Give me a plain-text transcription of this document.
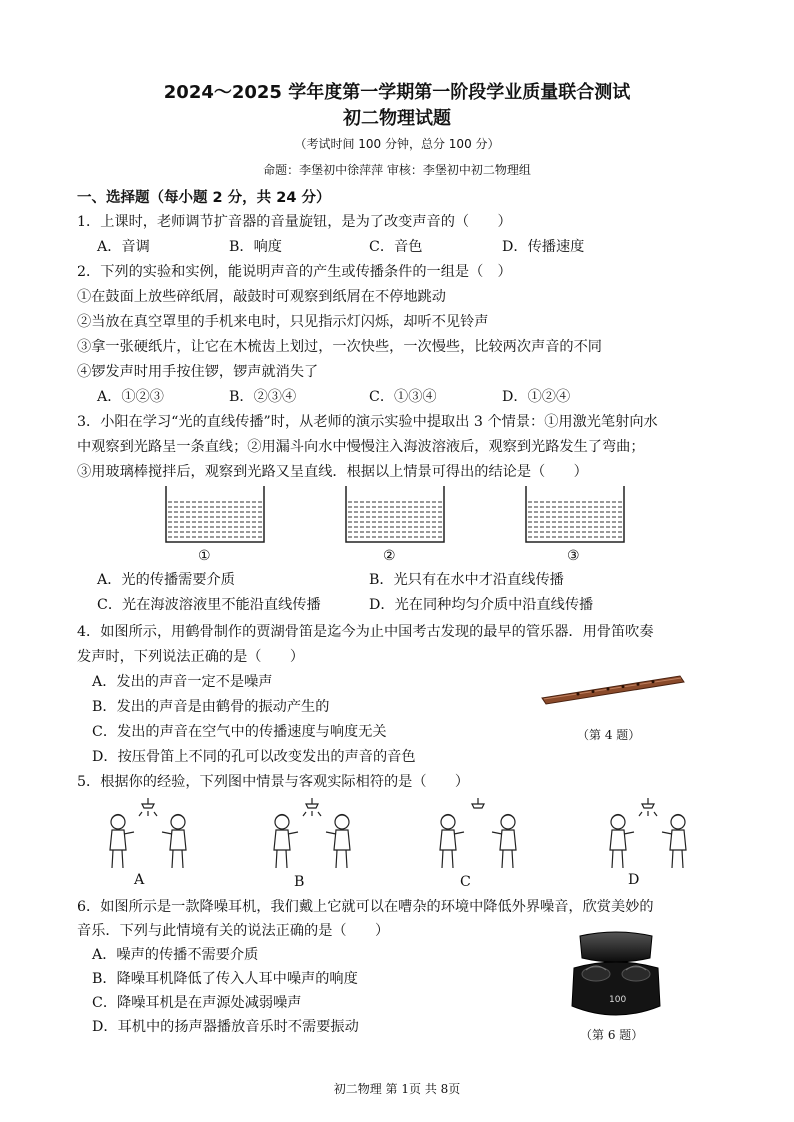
2024～2025 学年度第一学期第一阶段学业质量联合测试
初二物理试题
（考试时间 100 分钟，总分 100 分）
命题：李堡初中徐萍萍 审核：李堡初中初二物理组
一、选择题（每小题 2 分，共 24 分）
1．上课时，老师调节扩音器的音量旋钮，是为了改变声音的（　　）
A．音调	B．响度	C．音色	D．传播速度
2．下列的实验和实例，能说明声音的产生或传播条件的一组是（　）
①在鼓面上放些碎纸屑，敲鼓时可观察到纸屑在不停地跳动
②当放在真空罩里的手机来电时，只见指示灯闪烁，却听不见铃声
③拿一张硬纸片，让它在木梳齿上划过，一次快些，一次慢些，比较两次声音的不同
④锣发声时用手按住锣，锣声就消失了
A．①②③	B．②③④	C．①③④	D．①②④
3．小阳在学习“光的直线传播”时，从老师的演示实验中提取出 3 个情景：①用激光笔射向水
中观察到光路呈一条直线；②用漏斗向水中慢慢注入海波溶液后，观察到光路发生了弯曲；
③用玻璃棒搅拌后，观察到光路又呈直线．根据以上情景可得出的结论是（　　）
①	②	③
A．光的传播需要介质	B．光只有在水中才沿直线传播
C．光在海波溶液里不能沿直线传播	D．光在同种均匀介质中沿直线传播
4．如图所示，用鹤骨制作的贾湖骨笛是迄今为止中国考古发现的最早的管乐器．用骨笛吹奏
发声时，下列说法正确的是（　　）
A．发出的声音一定不是噪声
B．发出的声音是由鹤骨的振动产生的
C．发出的声音在空气中的传播速度与响度无关
D．按压骨笛上不同的孔可以改变发出的声音的音色
（第 4 题）
5．根据你的经验，下列图中情景与客观实际相符的是（　　）
A	B	C	D
6．如图所示是一款降噪耳机，我们戴上它就可以在嘈杂的环境中降低外界噪音，欣赏美妙的
音乐．下列与此情境有关的说法正确的是（　　）
A．噪声的传播不需要介质
B．降噪耳机降低了传入人耳中噪声的响度
C．降噪耳机是在声源处减弱噪声
D．耳机中的扬声器播放音乐时不需要振动
100
（第 6 题）
初二物理 第 1页 共 8页
